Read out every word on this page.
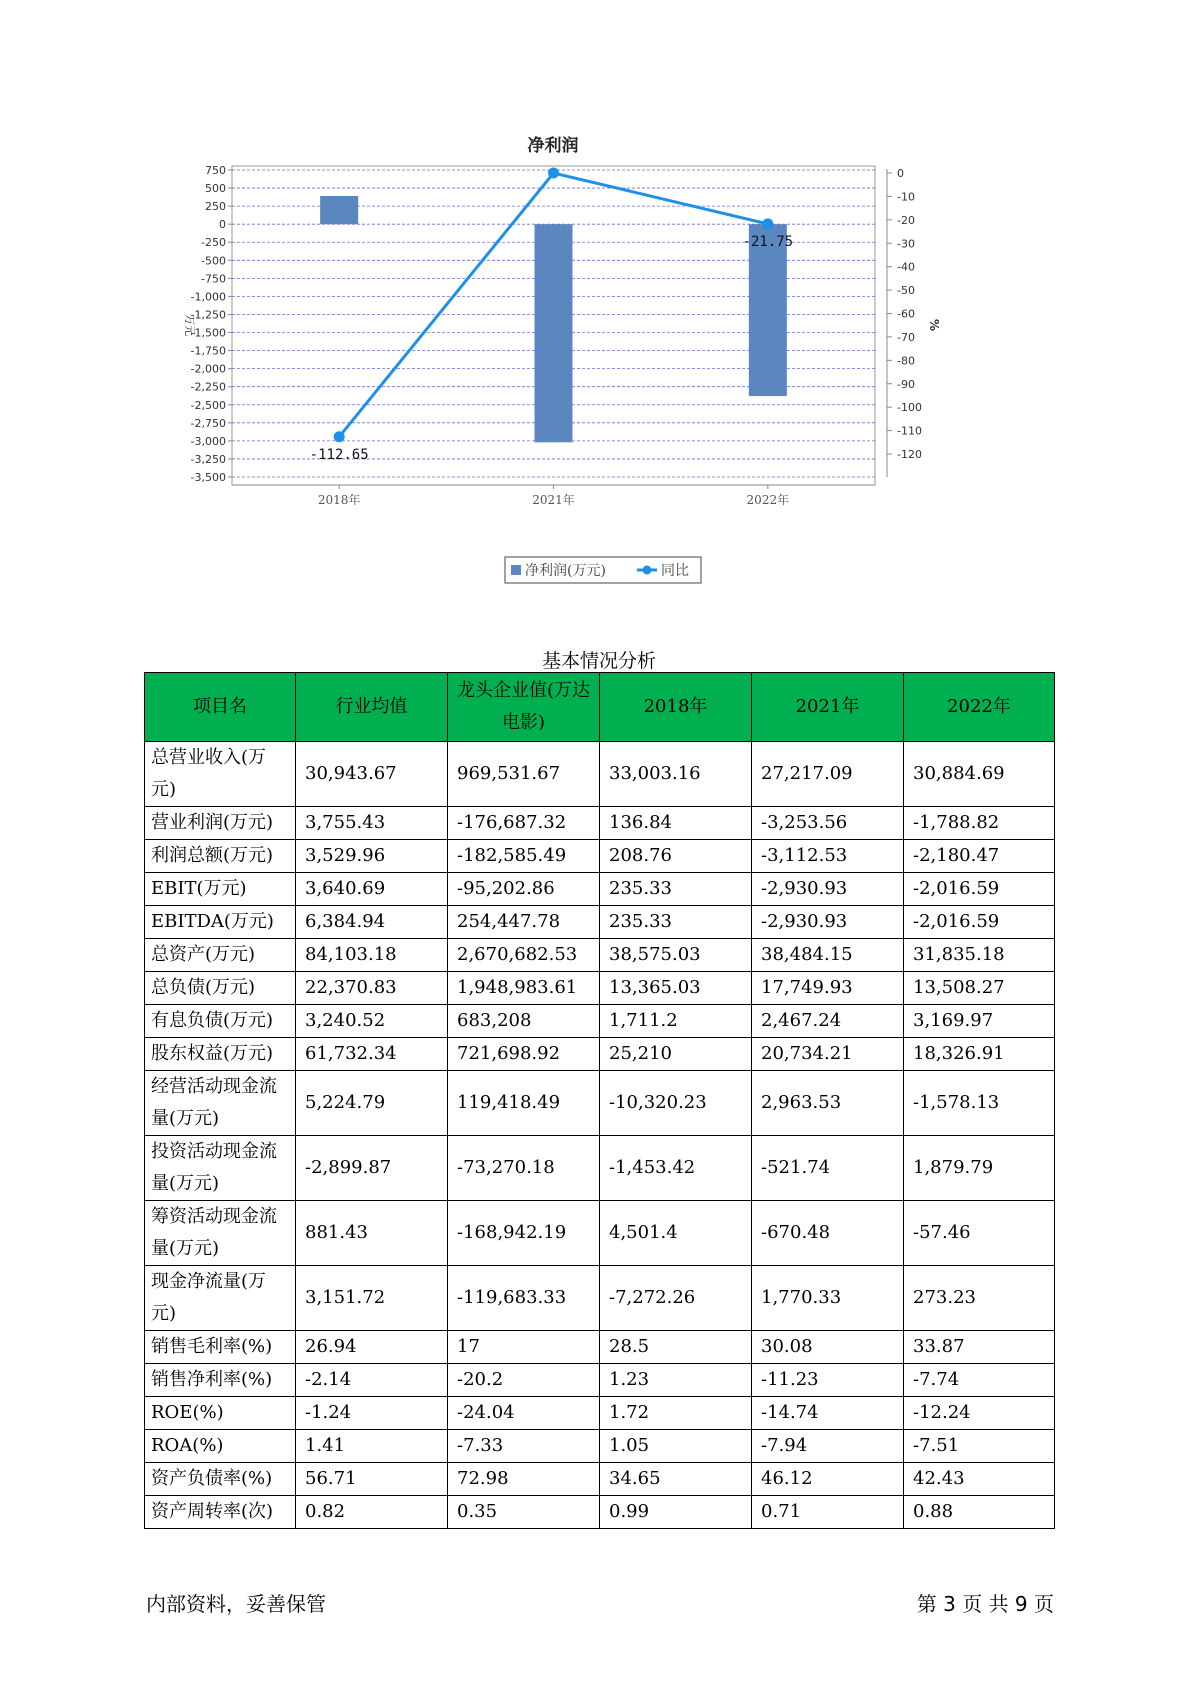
750
500
250
0
-250
-500
-750
-1,000
-1,250
-1,500
-1,750
-2,000
-2,250
-2,500
-2,750
-3,000
-3,250
-3,500
0
-10
-20
-30
-40
-50
-60
-70
-80
-90
-100
-110
-120
净利润
万元	%
2018年	2021年	2022年
-112.65
-21.75
净利润(万元)	同比
基本情况分析
项目名	行业均值	龙头企业值(万达电影)	2018年	2021年	2022年
总营业收入(万元)	30,943.67	969,531.67	33,003.16	27,217.09	30,884.69
营业利润(万元)	3,755.43	-176,687.32	136.84	-3,253.56	-1,788.82
利润总额(万元)	3,529.96	-182,585.49	208.76	-3,112.53	-2,180.47
EBIT(万元)	3,640.69	-95,202.86	235.33	-2,930.93	-2,016.59
EBITDA(万元)	6,384.94	254,447.78	235.33	-2,930.93	-2,016.59
总资产(万元)	84,103.18	2,670,682.53	38,575.03	38,484.15	31,835.18
总负债(万元)	22,370.83	1,948,983.61	13,365.03	17,749.93	13,508.27
有息负债(万元)	3,240.52	683,208	1,711.2	2,467.24	3,169.97
股东权益(万元)	61,732.34	721,698.92	25,210	20,734.21	18,326.91
经营活动现金流量(万元)	5,224.79	119,418.49	-10,320.23	2,963.53	-1,578.13
投资活动现金流量(万元)	-2,899.87	-73,270.18	-1,453.42	-521.74	1,879.79
筹资活动现金流量(万元)	881.43	-168,942.19	4,501.4	-670.48	-57.46
现金净流量(万元)	3,151.72	-119,683.33	-7,272.26	1,770.33	273.23
销售毛利率(%)	26.94	17	28.5	30.08	33.87
销售净利率(%)	-2.14	-20.2	1.23	-11.23	-7.74
ROE(%)	-1.24	-24.04	1.72	-14.74	-12.24
ROA(%)	1.41	-7.33	1.05	-7.94	-7.51
资产负债率(%)	56.71	72.98	34.65	46.12	42.43
资产周转率(次)	0.82	0.35	0.99	0.71	0.88
内部资料，妥善保管	第 3 页 共 9 页
